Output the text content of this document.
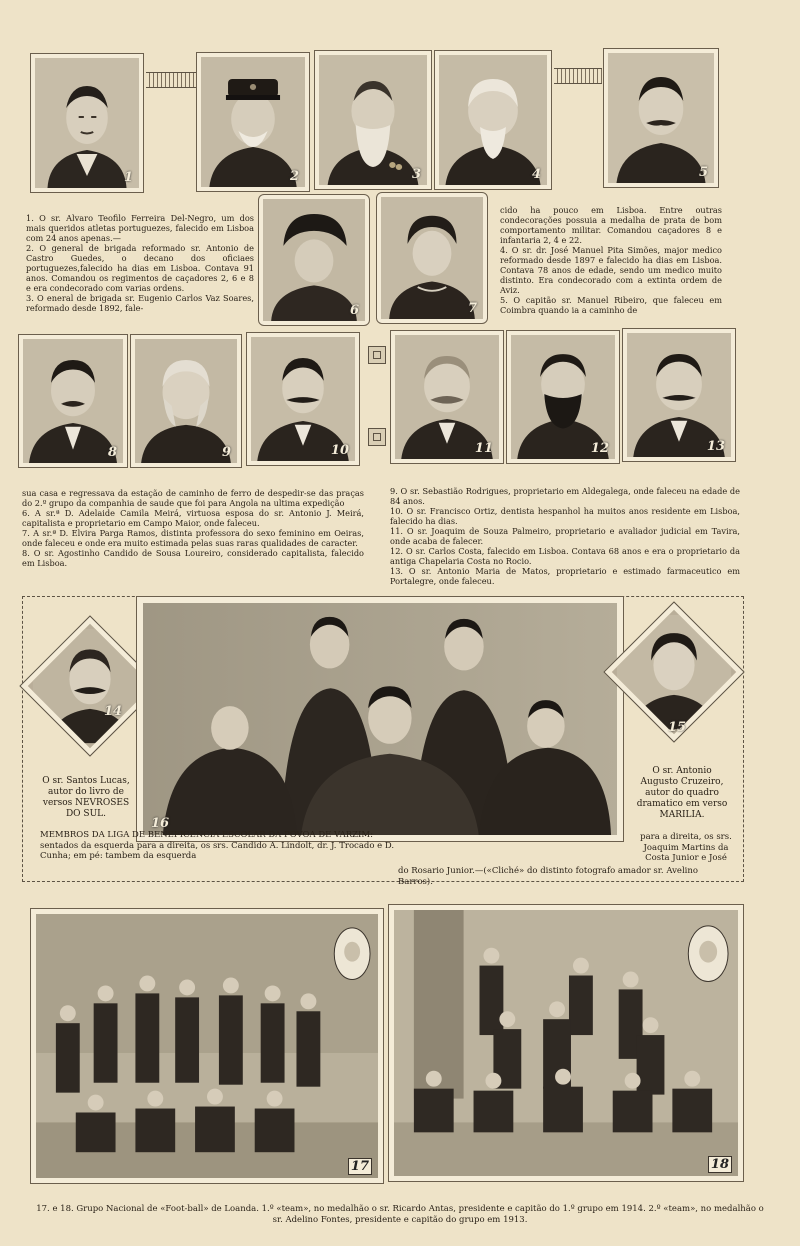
1	2	3	4	5

1. O sr. Alvaro Teofilo Ferreira Del-Negro, um dos mais queridos atletas portuguezes, falecido em Lisboa com 24 anos apenas.—

2. O general de brigada reformado sr. Antonio de Castro Guedes, o decano dos oficiaes portuguezes,falecido ha dias em Lisboa. Contava 91 anos. Comandou os regimentos de caçadores 2, 6 e 8 e era condecorado com varias ordens.

3. O eneral de brigada sr. Eugenio Carlos Vaz Soares, reformado desde 1892, fale-	6	7

cido ha pouco em Lisboa. Entre outras condecorações possuia a medalha de prata de bom comportamento militar. Comandou caçadores 8 e infantaria 2, 4 e 22.

4. O sr. dr. José Manuel Pita Simões, major medico reformado desde 1897 e falecido ha dias em Lisboa. Contava 78 anos de edade, sendo um medico muito distinto. Era condecorado com a extinta ordem de Aviz.

5. O capitão sr. Manuel Ribeiro, que faleceu em Coimbra quando ia a caminho de

8	9	10	11	12	13

sua casa e regressava da estação de caminho de ferro de despedir-se das praças do 2.º grupo da companhia de saude que foi para Angola na ultima expedição

6. A sr.ª D. Adelaide Camila Meirá, virtuosa esposa do sr. Antonio J. Meirá, capitalista e proprietario em Campo Maior, onde faleceu.

7. A sr.ª D. Elvira Parga Ramos, distinta professora do sexo feminino em Oeiras, onde faleceu e onde era muito estimada pelas suas raras qualidades de caracter.

8. O sr. Agostinho Candido de Sousa Loureiro, considerado capitalista, falecido em Lisboa.

9. O sr. Sebastião Rodrigues, proprietario em Aldegalega, onde faleceu na edade de 84 anos.

10. O sr. Francisco Ortiz, dentista hespanhol ha muitos anos residente em Lisboa, falecido ha dias.

11. O sr. Joaquim de Souza Palmeiro, proprietario e avaliador judicial em Tavira, onde acaba de falecer.

12. O sr. Carlos Costa, falecido em Lisboa. Contava 68 anos e era o proprietario da antiga Chapelaria Costa no Rocio.

13. O sr. Antonio Maria de Matos, proprietario e estimado farmaceutico em Portalegre, onde faleceu.

14
16
15
O sr. Santos Lucas, autor do livro de versos NEVROSES DO SUL.
O sr. Antonio Augusto Cruzeiro, autor do quadro dramatico em verso MARILIA.
MEMBROS DA LIGA DE BENEFICENCIA ESCOLAR DA POVOA DE VARZIM: sentados da esquerda para a direita, os srs. Candido A. Lindolt, dr. J. Trocado e D. Cunha; em pé: tambem da esquerda
para a direita, os srs. Joaquim Martins da Costa Junior e José
do Rosario Junior.—(«Cliché» do distinto fotografo amador sr. Avelino Barros).
17	18
17. e 18. Grupo Nacional de «Foot-ball» de Loanda. 1.º «team», no medalhão o sr. Ricardo Antas, presidente e capitão do 1.º grupo em 1914. 2.º «team», no medalhão o sr. Adelino Fontes, presidente e capitão do grupo em 1913.
